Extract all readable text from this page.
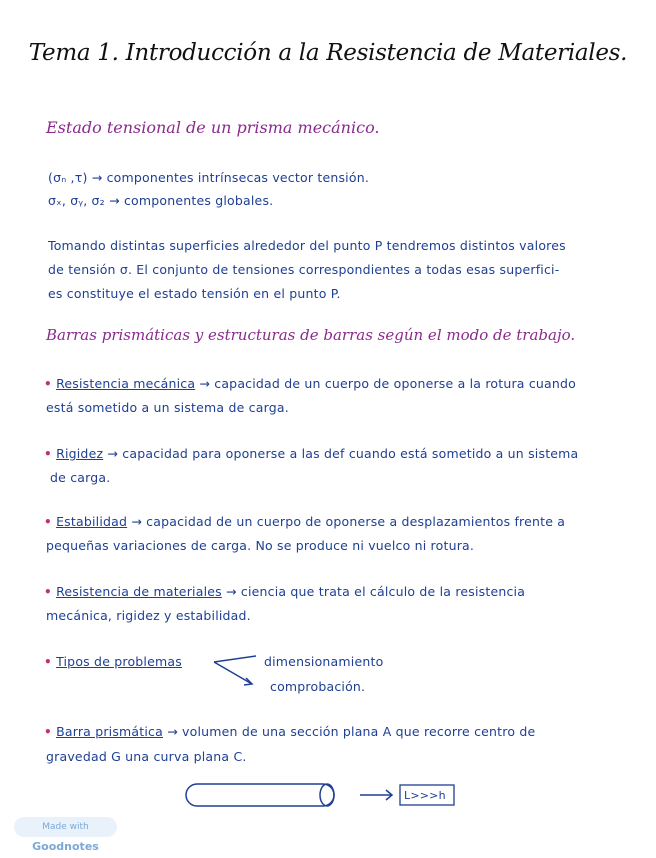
Tema 1. Introducción a la Resistencia de Materiales.
Estado tensional de un prisma mecánico.
(σₙ ,τ) → componentes intrínsecas vector tensión.
σₓ, σᵧ, σ₂ → componentes globales.
Tomando distintas superficies alrededor del punto P tendremos distintos valores
de tensión σ. El conjunto de tensiones correspondientes a todas esas superfici-
es constituye el estado tensión en el punto P.
Barras prismáticas y estructuras de barras según el modo de trabajo.
• Resistencia mecánica → capacidad de un cuerpo de oponerse a la rotura cuando
está sometido a un sistema de carga.
• Rigidez → capacidad para oponerse a las def cuando está sometido a un sistema
de carga.
• Estabilidad → capacidad de un cuerpo de oponerse a desplazamientos frente a
pequeñas variaciones de carga. No se produce ni vuelco ni rotura.
• Resistencia de materiales → ciencia que trata el cálculo de la resistencia
mecánica, rigidez y estabilidad.
• Tipos de problemas	dimensionamiento
comprobación.
• Barra prismática → volumen de una sección plana A que recorre centro de
gravedad G una curva plana C.
L>>>h
Made with Goodnotes
